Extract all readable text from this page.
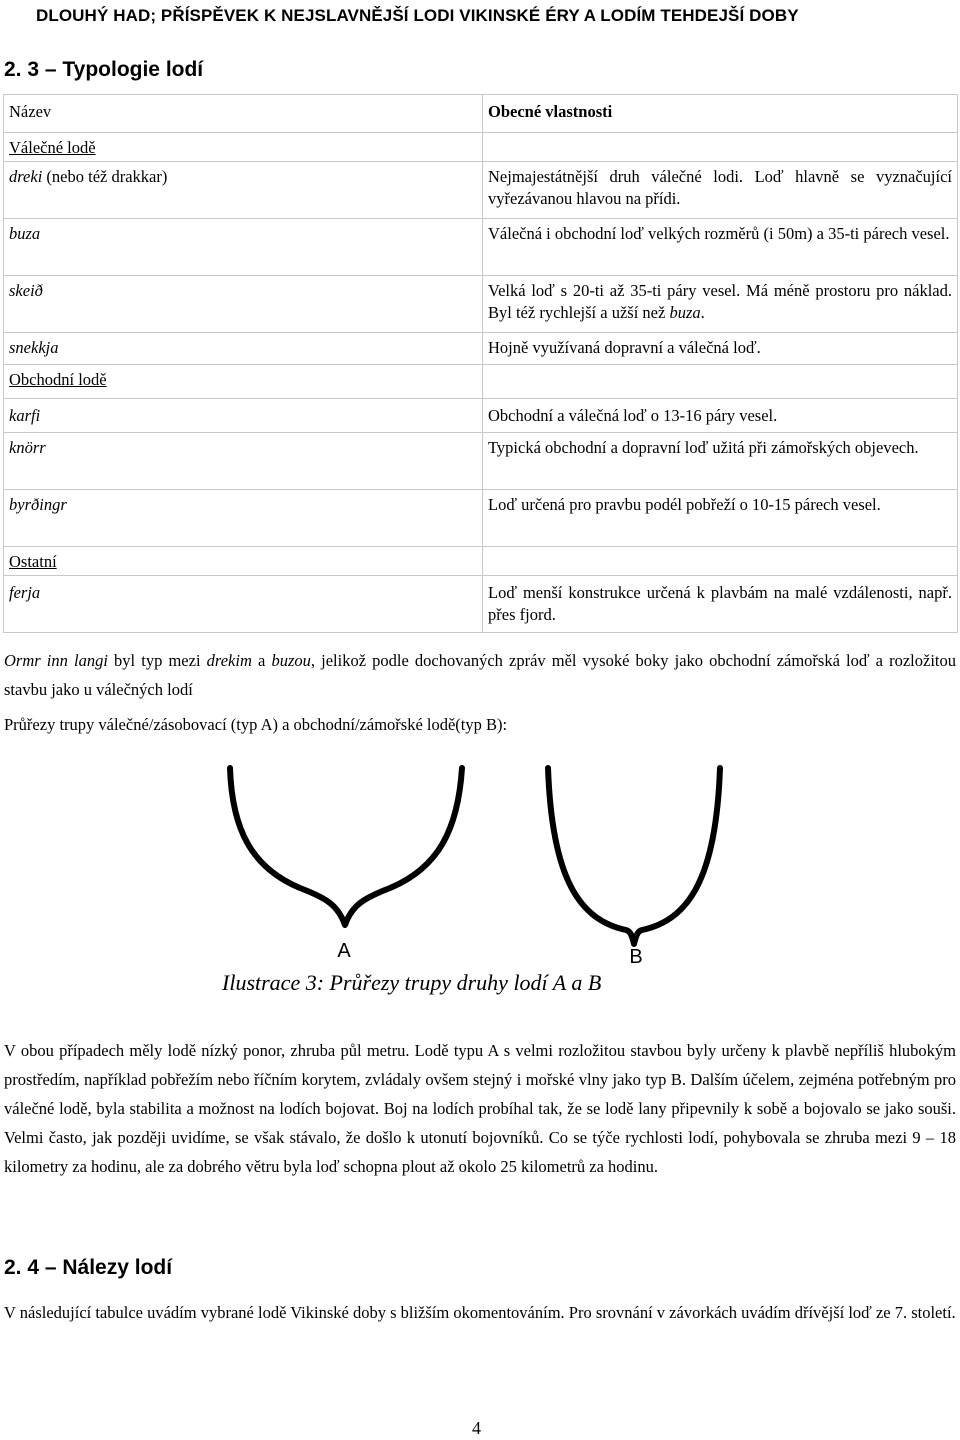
DLOUHÝ HAD; PŘÍSPĚVEK K NEJSLAVNĚJŠÍ LODI VIKINSKÉ ÉRY A LODÍM TEHDEJŠÍ DOBY
2. 3 – Typologie lodí
Název	Obecné vlastnosti
Válečné lodě	
dreki (nebo též drakkar)	Nejmajestátnější druh válečné lodi. Loď hlavně se vyznačující vyřezávanou hlavou na přídi.
buza	Válečná i obchodní loď velkých rozměrů (i 50m) a 35-ti párech vesel.
skeið	Velká loď s 20-ti až 35-ti páry vesel. Má méně prostoru pro náklad. Byl též rychlejší a užší než buza.
snekkja	Hojně využívaná dopravní a válečná loď.
Obchodní lodě	
karfi	Obchodní a válečná loď o 13-16 páry vesel.
knörr	Typická obchodní a dopravní loď užitá při zámořských objevech.
byrðingr	Loď určená pro pravbu podél pobřeží o 10-15 párech vesel.
Ostatní	
ferja	Loď menší konstrukce určená k plavbám na malé vzdálenosti, např. přes fjord.

Ormr inn langi byl typ mezi drekim a buzou, jelikož podle dochovaných zpráv měl vysoké boky jako obchodní zámořská loď a rozložitou stavbu jako u válečných lodí

Průřezy trupy válečné/zásobovací (typ A) a obchodní/zámořské lodě(typ B):

A	B
Ilustrace 3: Průřezy trupy druhy lodí A a B

V obou případech měly lodě nízký ponor, zhruba půl metru. Lodě typu A s velmi rozložitou stavbou byly určeny k plavbě nepříliš hlubokým prostředím, například pobřežím nebo říčním korytem, zvládaly ovšem stejný i mořské vlny jako typ B. Dalším účelem, zejména potřebným pro válečné lodě, byla stabilita a možnost na lodích bojovat. Boj na lodích probíhal tak, že se lodě lany připevnily k sobě a bojovalo se jako souši. Velmi často, jak později uvidíme, se však stávalo, že došlo k utonutí bojovníků. Co se týče rychlosti lodí, pohybovala se zhruba mezi 9 – 18 kilometry za hodinu, ale za dobrého větru byla loď schopna plout až okolo 25 kilometrů za hodinu.

2. 4 – Nálezy lodí

V následující tabulce uvádím vybrané lodě Vikinské doby s bližším okomentováním. Pro srovnání v závorkách uvádím dřívější loď ze 7. století.

4
